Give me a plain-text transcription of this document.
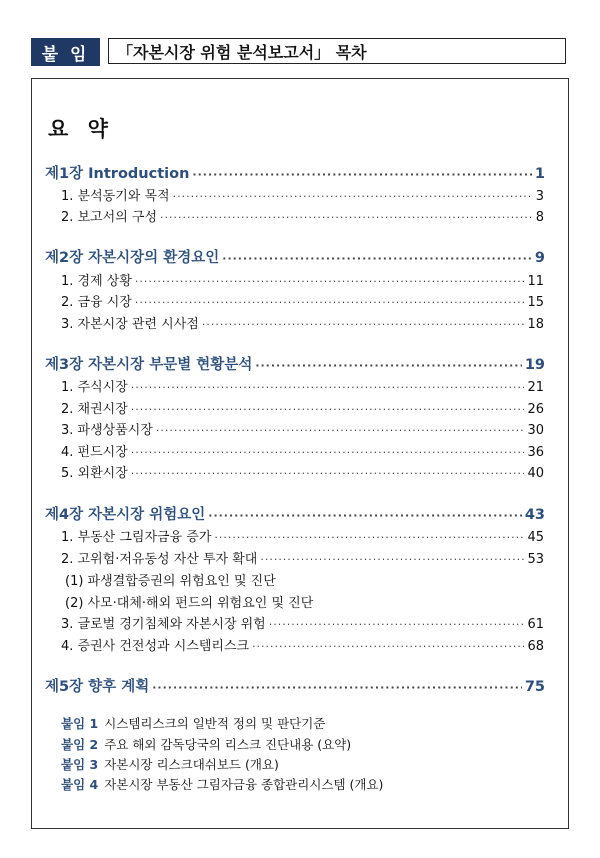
붙 임	「자본시장 위험 분석보고서」 목차
요 약
제1장 Introduction ·····	1
1. 분석동기와 목적 ·····	3
2. 보고서의 구성 ·····	8
제2장 자본시장의 환경요인 ·····	9
1. 경제 상황 ·····	11
2. 금융 시장 ·····	15
3. 자본시장 관련 시사점 ·····	18
제3장 자본시장 부문별 현황분석 ·····	19
1. 주식시장 ·····	21
2. 채권시장 ·····	26
3. 파생상품시장 ·····	30
4. 펀드시장 ·····	36
5. 외환시장 ·····	40
제4장 자본시장 위험요인 ·····	43
1. 부동산 그림자금융 증가 ·····	45
2. 고위험·저유동성 자산 투자 확대 ·····	53
(1) 파생결합증권의 위험요인 및 진단
(2) 사모·대체·해외 펀드의 위험요인 및 진단
3. 글로벌 경기침체와 자본시장 위험 ·····	61
4. 증권사 건전성과 시스템리스크 ·····	68
제5장 향후 계획 ·····	75
붙임 1 시스템리스크의 일반적 정의 및 판단기준
붙임 2 주요 해외 감독당국의 리스크 진단내용 (요약)
붙임 3 자본시장 리스크대쉬보드 (개요)
붙임 4 자본시장 부동산 그림자금융 종합관리시스템 (개요)
